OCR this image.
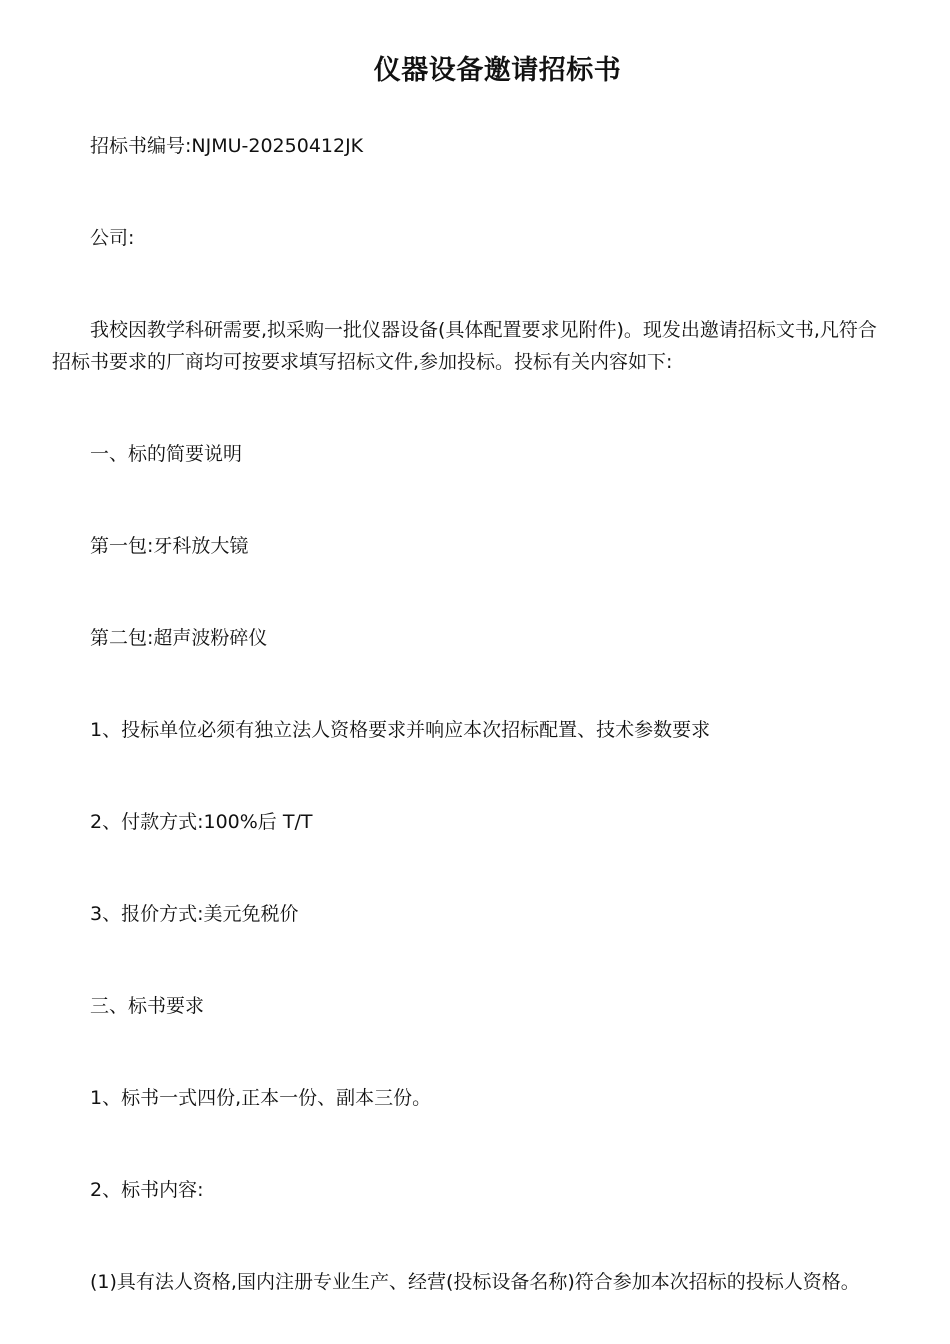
仪器设备邀请招标书
招标书编号:NJMU-20250412JK
公司:
我校因教学科研需要,拟采购一批仪器设备(具体配置要求见附件)。现发出邀请招标文书,凡符合
招标书要求的厂商均可按要求填写招标文件,参加投标。投标有关内容如下:
一、标的简要说明
第一包:牙科放大镜
第二包:超声波粉碎仪
1、投标单位必须有独立法人资格要求并响应本次招标配置、技术参数要求
2、付款方式:100%后 T/T
3、报价方式:美元免税价
三、标书要求
1、标书一式四份,正本一份、副本三份。
2、标书内容:
(1)具有法人资格,国内注册专业生产、经营(投标设备名称)符合参加本次招标的投标人资格。
